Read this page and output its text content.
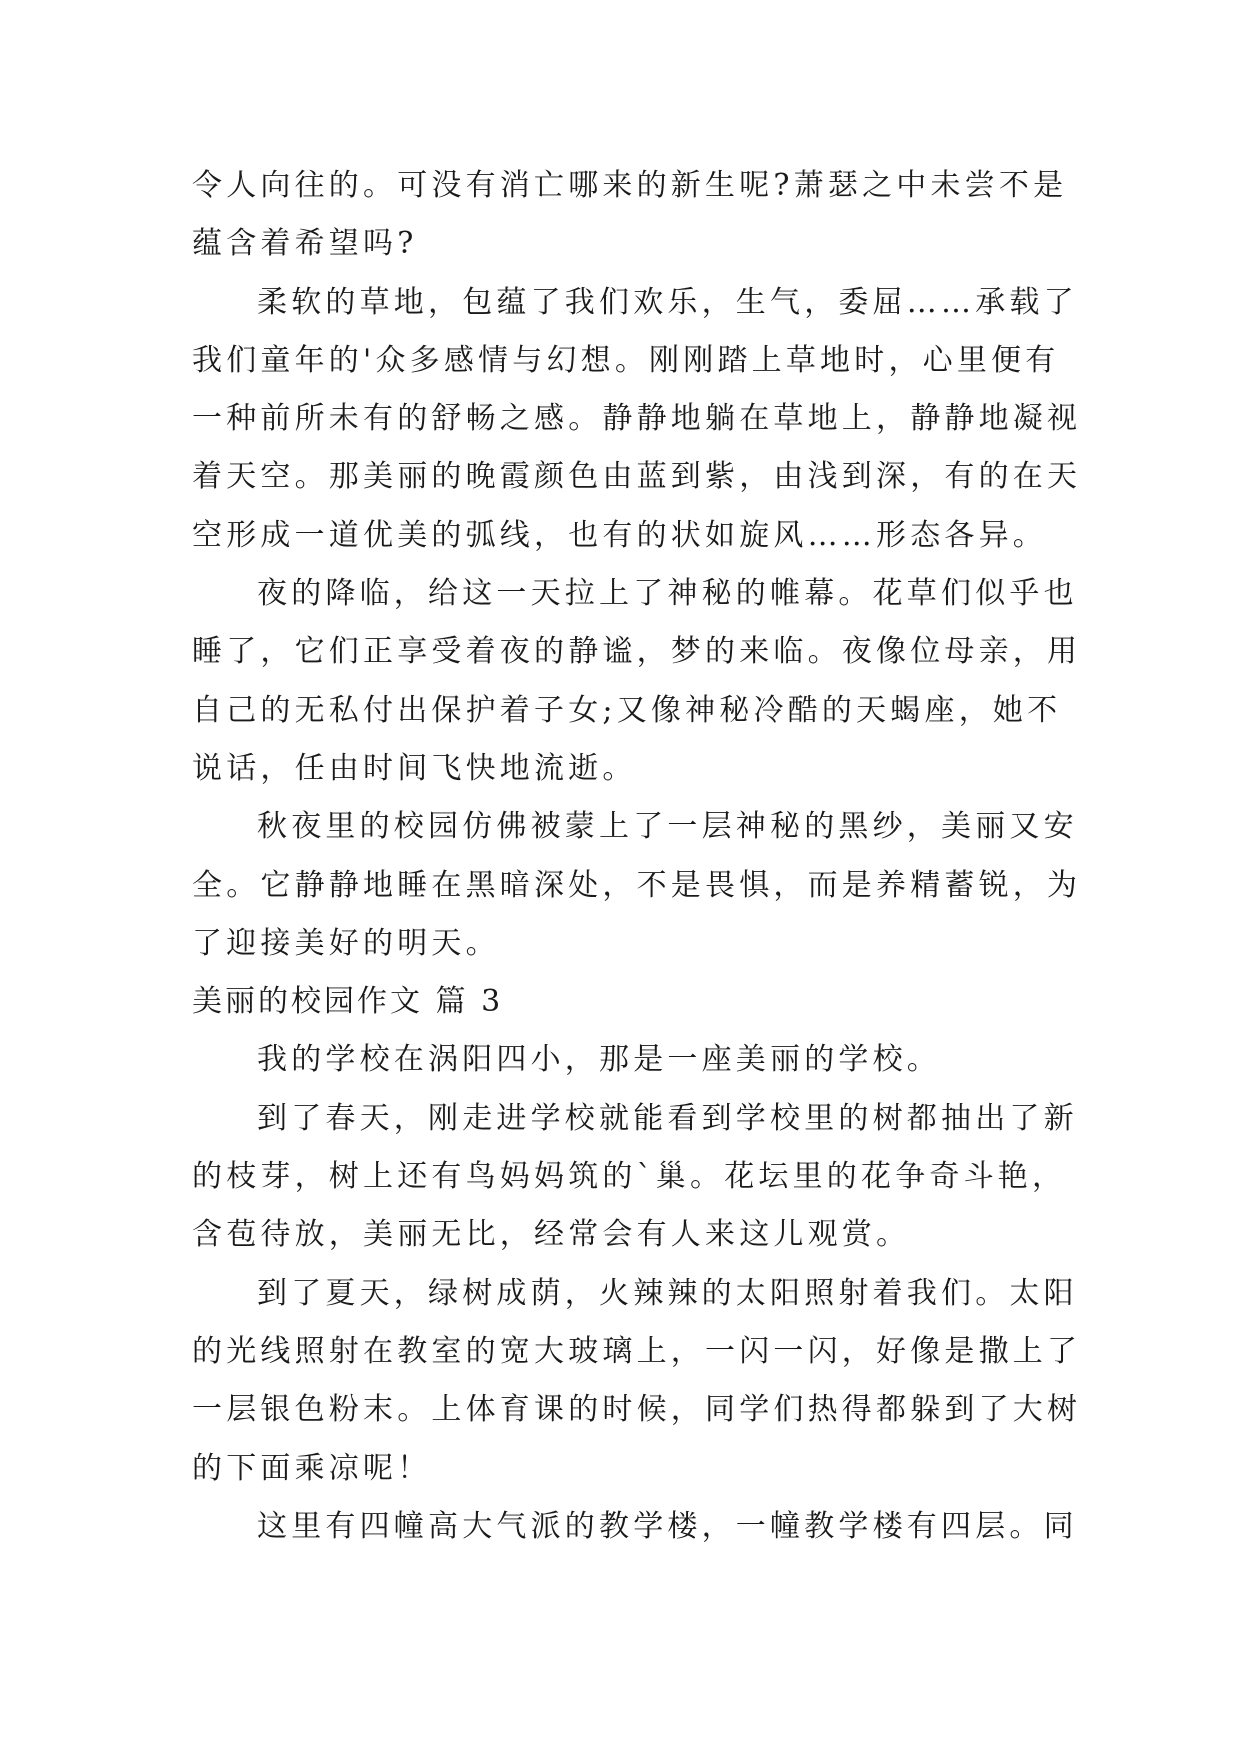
令人向往的。可没有消亡哪来的新生呢?萧瑟之中未尝不是
蕴含着希望吗?
柔软的草地，包蕴了我们欢乐，生气，委屈……承载了
我们童年的'众多感情与幻想。刚刚踏上草地时，心里便有
一种前所未有的舒畅之感。静静地躺在草地上，静静地凝视
着天空。那美丽的晚霞颜色由蓝到紫，由浅到深，有的在天
空形成一道优美的弧线，也有的状如旋风……形态各异。
夜的降临，给这一天拉上了神秘的帷幕。花草们似乎也
睡了，它们正享受着夜的静谧，梦的来临。夜像位母亲，用
自己的无私付出保护着子女;又像神秘冷酷的天蝎座，她不
说话，任由时间飞快地流逝。
秋夜里的校园仿佛被蒙上了一层神秘的黑纱，美丽又安
全。它静静地睡在黑暗深处，不是畏惧，而是养精蓄锐，为
了迎接美好的明天。
美丽的校园作文 篇 3
我的学校在涡阳四小，那是一座美丽的学校。
到了春天，刚走进学校就能看到学校里的树都抽出了新
的枝芽，树上还有鸟妈妈筑的`巢。花坛里的花争奇斗艳，
含苞待放，美丽无比，经常会有人来这儿观赏。
到了夏天，绿树成荫，火辣辣的太阳照射着我们。太阳
的光线照射在教室的宽大玻璃上，一闪一闪，好像是撒上了
一层银色粉末。上体育课的时候，同学们热得都躲到了大树
的下面乘凉呢！
这里有四幢高大气派的教学楼，一幢教学楼有四层。同
